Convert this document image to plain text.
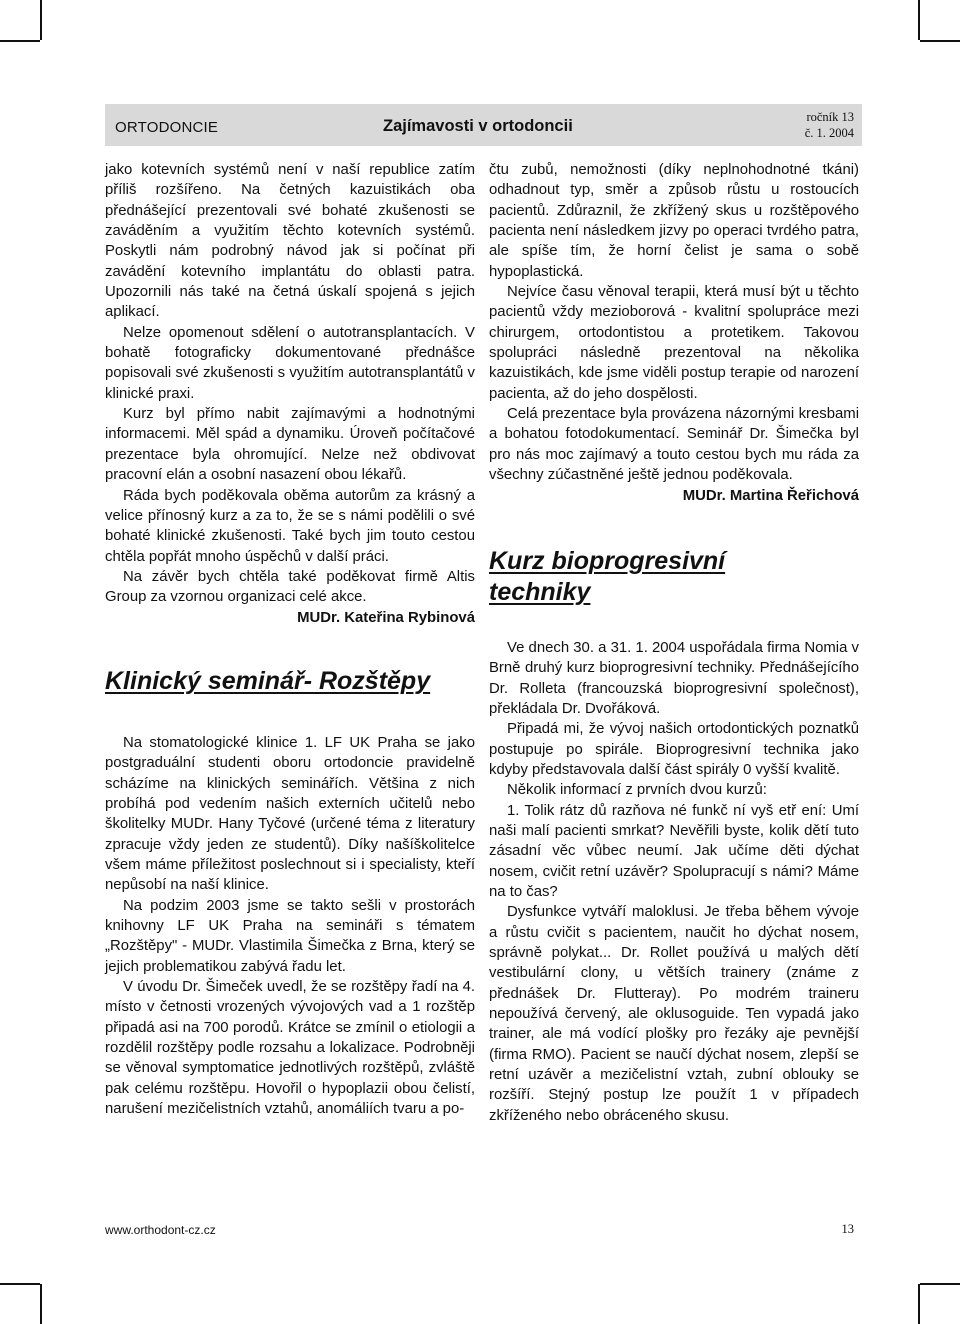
ORTODONCIE	Zajímavosti v ortodoncii	ročník 13
č. 1. 2004

jako kotevních systémů není v naší republice zatím příliš rozšířeno. Na četných kazuistikách oba přednášející prezentovali své bohaté zkušenosti se zaváděním a využitím těchto kotevních systémů. Poskytli nám podrobný návod jak si počínat při zavádění kotevního implantátu do oblasti patra. Upozornili nás také na četná úskalí spojená s jejich aplikací.

Nelze opomenout sdělení o autotransplantacích. V bohatě fotograficky dokumentované přednášce popisovali své zkušenosti s využitím autotransplantátů v klinické praxi.

Kurz byl přímo nabit zajímavými a hodnotnými informacemi. Měl spád a dynamiku. Úroveň počítačové prezentace byla ohromující. Nelze než obdivovat pracovní elán a osobní nasazení obou lékařů.

Ráda bych poděkovala oběma autorům za krásný a velice přínosný kurz a za to, že se s námi podělili o své bohaté klinické zkušenosti. Také bych jim touto cestou chtěla popřát mnoho úspěchů v další práci.

Na závěr bych chtěla také poděkovat firmě Altis Group za vzornou organizaci celé akce.

MUDr. Kateřina Rybinová

Klinický seminář- Rozštěpy

Na stomatologické klinice 1. LF UK Praha se jako postgraduální studenti oboru ortodoncie pravidelně scházíme na klinických seminářích. Většina z nich probíhá pod vedením našich externích učitelů nebo školitelky MUDr. Hany Tyčové (určené téma z literatury zpracuje vždy jeden ze studentů). Díky našíškolitelce všem máme příležitost poslechnout si i specialisty, kteří nepůsobí na naší klinice.

Na podzim 2003 jsme se takto sešli v prostorách knihovny LF UK Praha na semináři s tématem „Rozštěpy" - MUDr. Vlastimila Šimečka z Brna, který se jejich problematikou zabývá řadu let.

V úvodu Dr. Šimeček uvedl, že se rozštěpy řadí na 4. místo v četnosti vrozených vývojových vad a 1 rozštěp připadá asi na 700 porodů. Krátce se zmínil o etiologii a rozdělil rozštěpy podle rozsahu a lokalizace. Podrobněji se věnoval symptomatice jednotlivých rozštěpů, zvláště pak celému rozštěpu. Hovořil o hypoplazii obou čelistí, narušení mezičelistních vztahů, anomáliích tvaru a po-

čtu zubů, nemožnosti (díky neplnohodnotné tkáni) odhadnout typ, směr a způsob růstu u rostoucích pacientů. Zdůraznil, že zkřížený skus u rozštěpového pacienta není následkem jizvy po operaci tvrdého patra, ale spíše tím, že horní čelist je sama o sobě hypoplastická.

Nejvíce času věnoval terapii, která musí být u těchto pacientů vždy mezioborová - kvalitní spolupráce mezi chirurgem, ortodontistou a protetikem. Takovou spolupráci následně prezentoval na několika kazuistikách, kde jsme viděli postup terapie od narození pacienta, až do jeho dospělosti.

Celá prezentace byla provázena názornými kresbami a bohatou fotodokumentací. Seminář Dr. Šimečka byl pro nás moc zajímavý a touto cestou bych mu ráda za všechny zúčastněné ještě jednou poděkovala.

MUDr. Martina Řeřichová

Kurz bioprogresivní techniky

Ve dnech 30. a 31. 1. 2004 uspořádala firma Nomia v Brně druhý kurz bioprogresivní techniky. Přednášejícího Dr. Rolleta (francouzská bioprogresivní společnost), překládala Dr. Dvořáková.

Připadá mi, že vývoj našich ortodontických poznatků postupuje po spirále. Bioprogresivní technika jako kdyby představovala další část spirály 0 vyšší kvalitě.

Několik informací z prvních dvou kurzů:

1. Tolik rátz dů razňova né funkč ní vyš etř ení: Umí naši malí pacienti smrkat? Nevěřili byste, kolik dětí tuto zásadní věc vůbec neumí. Jak učíme děti dýchat nosem, cvičit retní uzávěr? Spolupracují s námi? Máme na to čas?

Dysfunkce vytváří maloklusi. Je třeba během vývoje a růstu cvičit s pacientem, naučit ho dýchat nosem, správně polykat... Dr. Rollet používá u malých dětí vestibulární clony, u větších trainery (známe z přednášek Dr. Flutteray). Po modrém traineru nepoužívá červený, ale oklusoguide. Ten vypadá jako trainer, ale má vodící plošky pro řezáky aje pevnější (firma RMO). Pacient se naučí dýchat nosem, zlepší se retní uzávěr a mezičelistní vztah, zubní oblouky se rozšíří. Stejný postup lze použít 1 v případech zkříženého nebo obráceného skusu.

www.orthodont-cz.cz	13
